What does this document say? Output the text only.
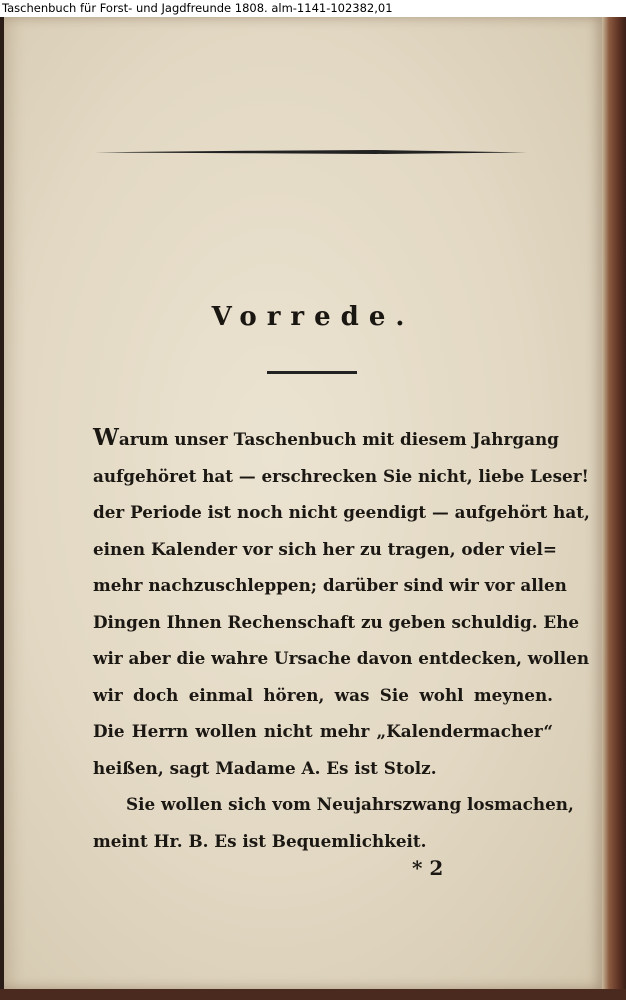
Taschenbuch für Forst- und Jagdfreunde 1808. alm-1141-102382,01

Vorrede.
Warum unser Taschenbuch mit diesem Jahrgang
aufgehöret hat — erschrecken Sie nicht, liebe Leser!
der Periode ist noch nicht geendigt — aufgehört hat,
einen Kalender vor sich her zu tragen, oder viel=
mehr nachzuschleppen; darüber sind wir vor allen
Dingen Ihnen Rechenschaft zu geben schuldig. Ehe
wir aber die wahre Ursache davon entdecken, wollen
wir doch einmal hören, was Sie wohl meynen.
Die Herrn wollen nicht mehr „Kalendermacher“
heißen, sagt Madame A. Es ist Stolz.
Sie wollen sich vom Neujahrszwang losmachen,
meint Hr. B. Es ist Bequemlichkeit.
* 2
